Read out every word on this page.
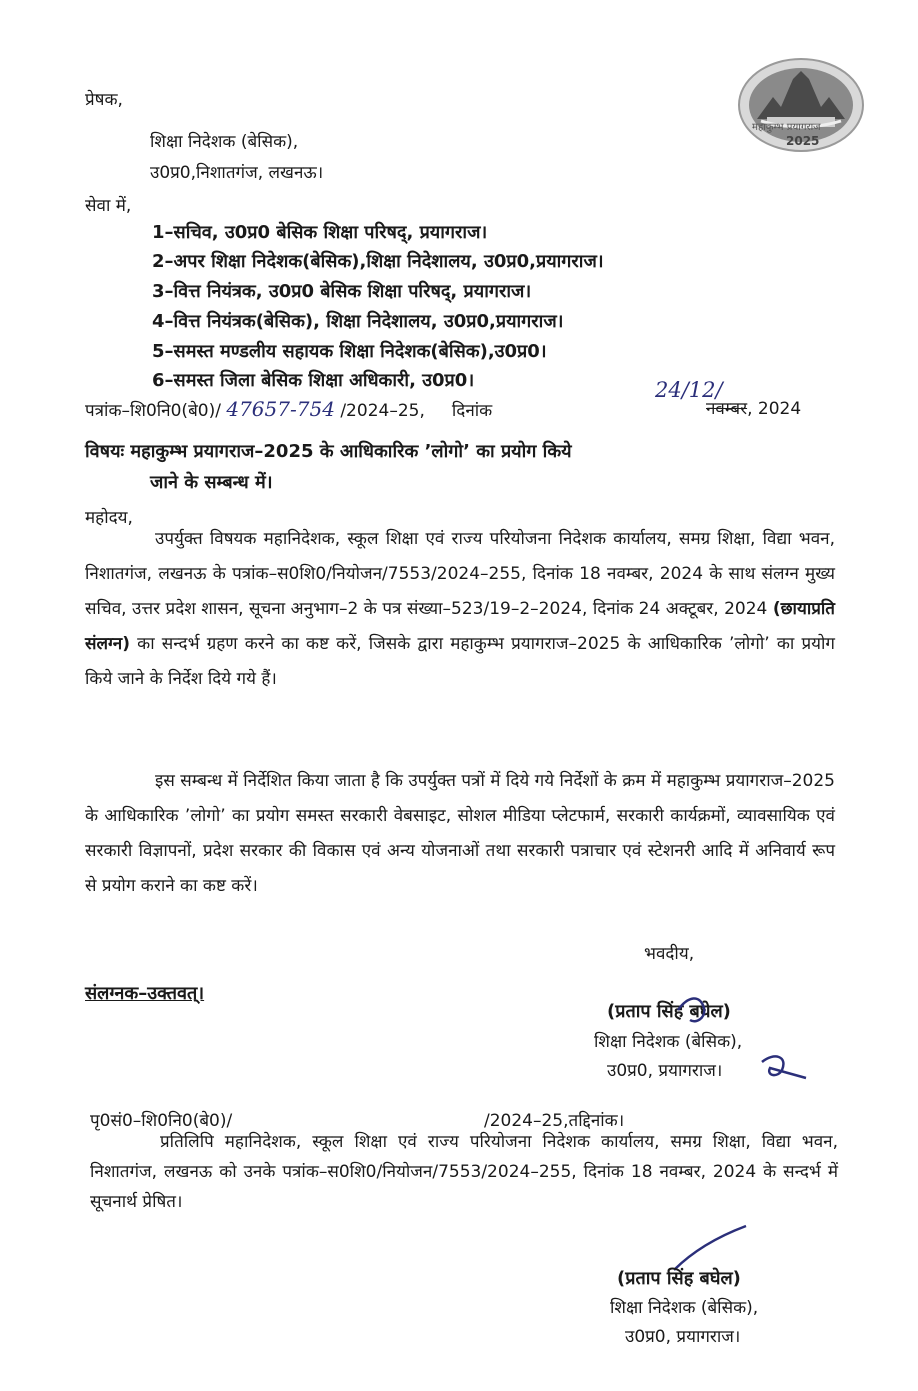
महाकुम्भ प्रयागराज
2025
प्रेषक,
शिक्षा निदेशक (बेसिक),
उ0प्र0,निशातगंज, लखनऊ।
सेवा में,
1–सचिव, उ0प्र0 बेसिक शिक्षा परिषद्, प्रयागराज।
2–अपर शिक्षा निदेशक(बेसिक),शिक्षा निदेशालय, उ0प्र0,प्रयागराज।
3–वित्त नियंत्रक, उ0प्र0 बेसिक शिक्षा परिषद्, प्रयागराज।
4–वित्त नियंत्रक(बेसिक), शिक्षा निदेशालय, उ0प्र0,प्रयागराज।
5–समस्त मण्डलीय सहायक शिक्षा निदेशक(बेसिक),उ0प्र0।
6–समस्त जिला बेसिक शिक्षा अधिकारी, उ0प्र0।
पत्रांक–शि0नि0(बे0)/ 47657-754 /2024–25, दिनांक
24/12/
नवम्बर, 2024
विषयः महाकुम्भ प्रयागराज–2025 के आधिकारिक ’लोगो’ का प्रयोग किये
जाने के सम्बन्ध में।
महोदय,
उपर्युक्त विषयक महानिदेशक, स्कूल शिक्षा एवं राज्य परियोजना निदेशक कार्यालय, समग्र शिक्षा, विद्या भवन, निशातगंज, लखनऊ के पत्रांक–स0शि0/नियोजन/7553/2024–255, दिनांक 18 नवम्बर, 2024 के साथ संलग्न मुख्य सचिव, उत्तर प्रदेश शासन, सूचना अनुभाग–2 के पत्र संख्या–523/19–2–2024, दिनांक 24 अक्टूबर, 2024 (छायाप्रति संलग्न) का सन्दर्भ ग्रहण करने का कष्ट करें, जिसके द्वारा महाकुम्भ प्रयागराज–2025 के आधिकारिक ’लोगो’ का प्रयोग किये जाने के निर्देश दिये गये हैं।
इस सम्बन्ध में निर्देशित किया जाता है कि उपर्युक्त पत्रों में दिये गये निर्देशों के क्रम में महाकुम्भ प्रयागराज–2025 के आधिकारिक ’लोगो’ का प्रयोग समस्त सरकारी वेबसाइट, सोशल मीडिया प्लेटफार्म, सरकारी कार्यक्रमों, व्यावसायिक एवं सरकारी विज्ञापनों, प्रदेश सरकार की विकास एवं अन्य योजनाओं तथा सरकारी पत्राचार एवं स्टेशनरी आदि में अनिवार्य रूप से प्रयोग कराने का कष्ट करें।
भवदीय,
संलग्नक–उक्तवत्।
(प्रताप सिंह बघेल)
शिक्षा निदेशक (बेसिक),
उ0प्र0, प्रयागराज।
पृ0सं0–शि0नि0(बे0)/	/2024–25,तद्दिनांक।
प्रतिलिपि महानिदेशक, स्कूल शिक्षा एवं राज्य परियोजना निदेशक कार्यालय, समग्र शिक्षा, विद्या भवन, निशातगंज, लखनऊ को उनके पत्रांक–स0शि0/नियोजन/7553/2024–255, दिनांक 18 नवम्बर, 2024 के सन्दर्भ में सूचनार्थ प्रेषित।
(प्रताप सिंह बघेल)
शिक्षा निदेशक (बेसिक),
उ0प्र0, प्रयागराज।
